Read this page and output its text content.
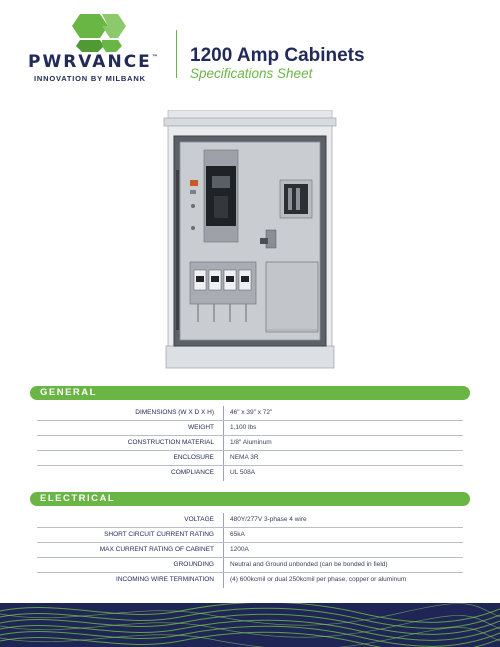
PWRVANCE™
INNOVATION BY MILBANK
1200 Amp Cabinets
Specifications Sheet
GENERAL
DIMENSIONS (W X D X H) 46" x 39" x 72"
WEIGHT 1,100 lbs
CONSTRUCTION MATERIAL 1/8" Aluminum
ENCLOSURE NEMA 3R
COMPLIANCE UL 508A
ELECTRICAL
VOLTAGE 480Y/277V 3-phase 4 wire
SHORT CIRCUIT CURRENT RATING 65kA
MAX CURRENT RATING OF CABINET 1200A
GROUNDING Neutral and Ground unbonded (can be bonded in field)
INCOMING WIRE TERMINATION (4) 600kcmil or dual 250kcmil per phase, copper or aluminum
